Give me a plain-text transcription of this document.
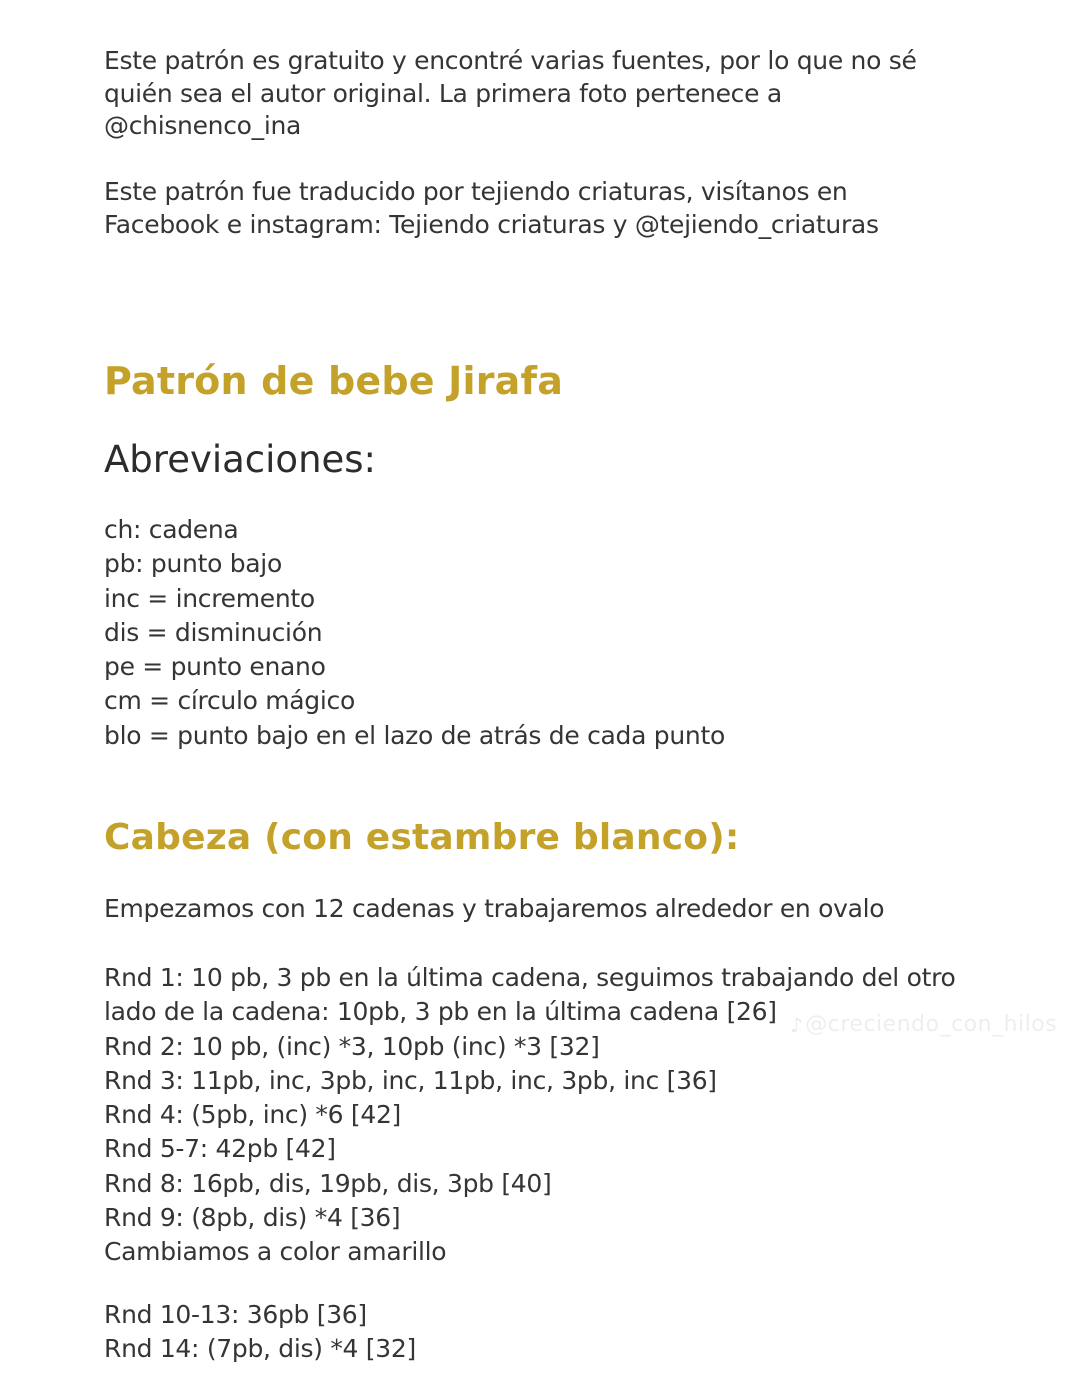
Este patrón es gratuito y encontré varias fuentes, por lo que no sé
quién sea el autor original. La primera foto pertenece a
@chisnenco_ina

Este patrón fue traducido por tejiendo criaturas, visítanos en
Facebook e instagram: Tejiendo criaturas y @tejiendo_criaturas

Patrón de bebe Jirafa
Abreviaciones:
ch: cadena
pb: punto bajo
inc = incremento
dis = disminución
pe = punto enano
cm = círculo mágico
blo = punto bajo en el lazo de atrás de cada punto
Cabeza (con estambre blanco):

Empezamos con 12 cadenas y trabajaremos alrededor en ovalo

Rnd 1: 10 pb, 3 pb en la última cadena, seguimos trabajando del otro
lado de la cadena: 10pb, 3 pb en la última cadena [26]
Rnd 2: 10 pb, (inc) *3, 10pb (inc) *3 [32]
Rnd 3: 11pb, inc, 3pb, inc, 11pb, inc, 3pb, inc [36]
Rnd 4: (5pb, inc) *6 [42]
Rnd 5-7: 42pb [42]
Rnd 8: 16pb, dis, 19pb, dis, 3pb [40]
Rnd 9: (8pb, dis) *4 [36]
Cambiamos a color amarillo
Rnd 10-13: 36pb [36]
Rnd 14: (7pb, dis) *4 [32]
♪ @creciendo_con_hilos
